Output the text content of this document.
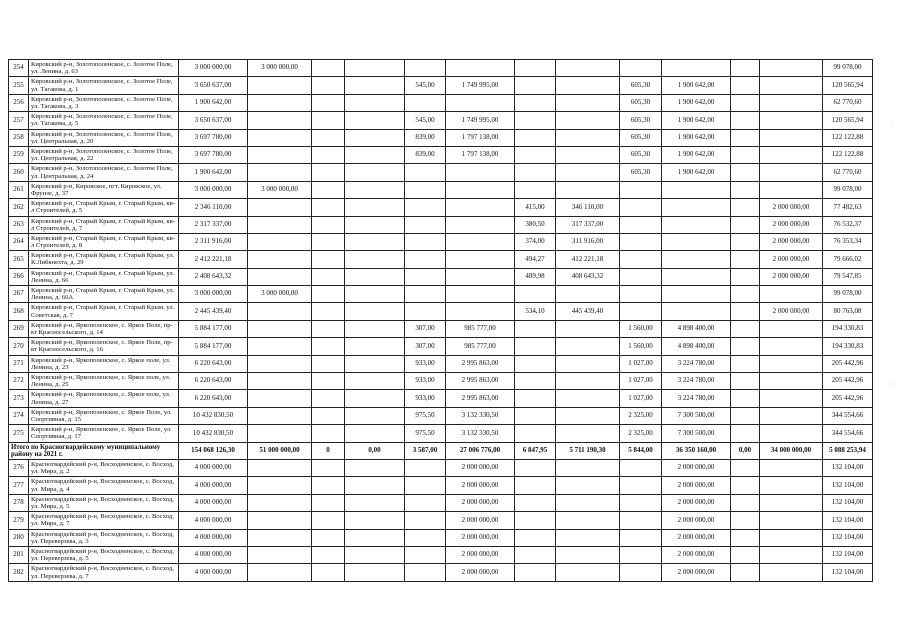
254	Кировский р-н, Золотополенское, с. Золотое Поле, ул. Ленина, д. 63	3 000 000,00	3 000 000,00											99 078,00
255	Кировский р-н, Золотополенское, с. Золотое Поле, ул. Тагакова, д. 1	3 650 637,00				545,00	1 749 995,00			605,30	1 900 642,00			120 565,94
256	Кировский р-н, Золотополенское, с. Золотое Поле, ул. Тагакова, д. 3	1 900 642,00								605,30	1 900 642,00			62 770,60
257	Кировский р-н, Золотополенское, с. Золотое Поле, ул. Тагакова, д. 5	3 650 637,00				545,00	1 749 995,00			605,30	1 900 642,00			120 565,94
258	Кировский р-н, Золотополенское, с. Золотое Поле, ул. Центральная, д. 20	3 697 780,00				839,00	1 797 138,00			605,30	1 900 642,00			122 122,88
259	Кировский р-н, Золотополенское, с. Золотое Поле, ул. Центральная, д. 22	3 697 780,00				839,00	1 797 138,00			605,30	1 900 642,00			122 122,88
260	Кировский р-н, Золотополенское, с. Золотое Поле, ул. Центральная, д. 24	1 900 642,00								605,30	1 900 642,00			62 770,60
261	Кировский р-н, Кировское, пгт. Кировское, ул. Фрунзе, д. 37	3 000 000,00	3 000 000,00											99 078,00
262	Кировский р-н, Старый Крым, г. Старый Крым, кв-л Строителей, д. 5	2 346 110,00						415,00	346 110,00				2 000 000,00	77 482,63
263	Кировский р-н, Старый Крым, г. Старый Крым, кв-л Строителей, д. 7	2 317 337,00						380,50	317 337,00				2 000 000,00	76 532,37
264	Кировский р-н, Старый Крым, г. Старый Крым, кв-л Строителей, д. 8	2 311 916,00						374,00	311 916,00				2 000 000,00	76 353,34
265	Кировский р-н, Старый Крым, г. Старый Крым, ул. К.Либкнехта, д. 29	2 412 221,18						494,27	412 221,18				2 000 000,00	79 666,02
266	Кировский р-н, Старый Крым, г. Старый Крым, ул. Ленина, д. 66	2 408 643,32						489,98	408 643,32				2 000 000,00	79 547,85
267	Кировский р-н, Старый Крым, г. Старый Крым, ул. Ленина, д. 66А	3 000 000,00	3 000 000,00											99 078,00
268	Кировский р-н, Старый Крым, г. Старый Крым, ул. Советская, д. 7	2 445 439,40						534,10	445 439,40				2 000 000,00	80 763,08
269	Кировский р-н, Яркополенское, с. Яркое Поле, пр-кт Красносельского, д. 14	5 884 177,00				307,00	985 777,00			1 560,00	4 898 400,00			194 330,83
270	Кировский р-н, Яркополенское, с. Яркое Поле, пр-кт Красносельского, д. 16	5 884 177,00				307,00	985 777,00			1 560,00	4 898 400,00			194 330,83
271	Кировский р-н, Яркополенское, с. Яркое поле, ул. Ленина, д. 23	6 220 643,00				933,00	2 995 863,00			1 027,00	3 224 780,00			205 442,96
272	Кировский р-н, Яркополенское, с. Яркое поле, ул. Ленина, д. 25	6 220 643,00				933,00	2 995 863,00			1 027,00	3 224 780,00			205 442,96
273	Кировский р-н, Яркополенское, с. Яркое поле, ул. Ленина, д. 27	6 220 643,00				933,00	2 995 863,00			1 027,00	3 224 780,00			205 442,96
274	Кировский р-н, Яркополенское, с. Яркое Поле, ул. Спортивная, д. 15	10 432 830,50				975,50	3 132 330,50			2 325,00	7 300 500,00			344 554,66
275	Кировский р-н, Яркополенское, с. Яркое Поле, ул. Спортивная, д. 17	10 432 830,50				975,50	3 132 330,50			2 325,00	7 300 500,00			344 554,66
Итого по Красногвардейскому муниципальному району на 2021 г.		154 068 126,30	51 000 000,00	0	0,00	3 587,00	27 006 776,00	6 847,95	5 711 190,30	5 844,00	36 350 160,00	0,00	34 000 000,00	5 088 253,94
276	Красногвардейский р-н, Восходненское, с. Восход, ул. Мира, д. 2	4 000 000,00					2 000 000,00				2 000 000,00			132 104,00
277	Красногвардейский р-н, Восходненское, с. Восход, ул. Мира, д. 4	4 000 000,00					2 000 000,00				2 000 000,00			132 104,00
278	Красногвардейский р-н, Восходненское, с. Восход, ул. Мира, д. 5	4 000 000,00					2 000 000,00				2 000 000,00			132 104,00
279	Красногвардейский р-н, Восходненское, с. Восход, ул. Мира, д. 7	4 000 000,00					2 000 000,00				2 000 000,00			132 104,00
280	Красногвардейский р-н, Восходненское, с. Восход, ул. Переверзева, д. 3	4 000 000,00					2 000 000,00				2 000 000,00			132 104,00
281	Красногвардейский р-н, Восходненское, с. Восход, ул. Переверзева, д. 5	4 000 000,00					2 000 000,00				2 000 000,00			132 104,00
282	Красногвардейский р-н, Восходненское, с. Восход, ул. Переверзева, д. 7	4 000 000,00					2 000 000,00				2 000 000,00			132 104,00
·
·
